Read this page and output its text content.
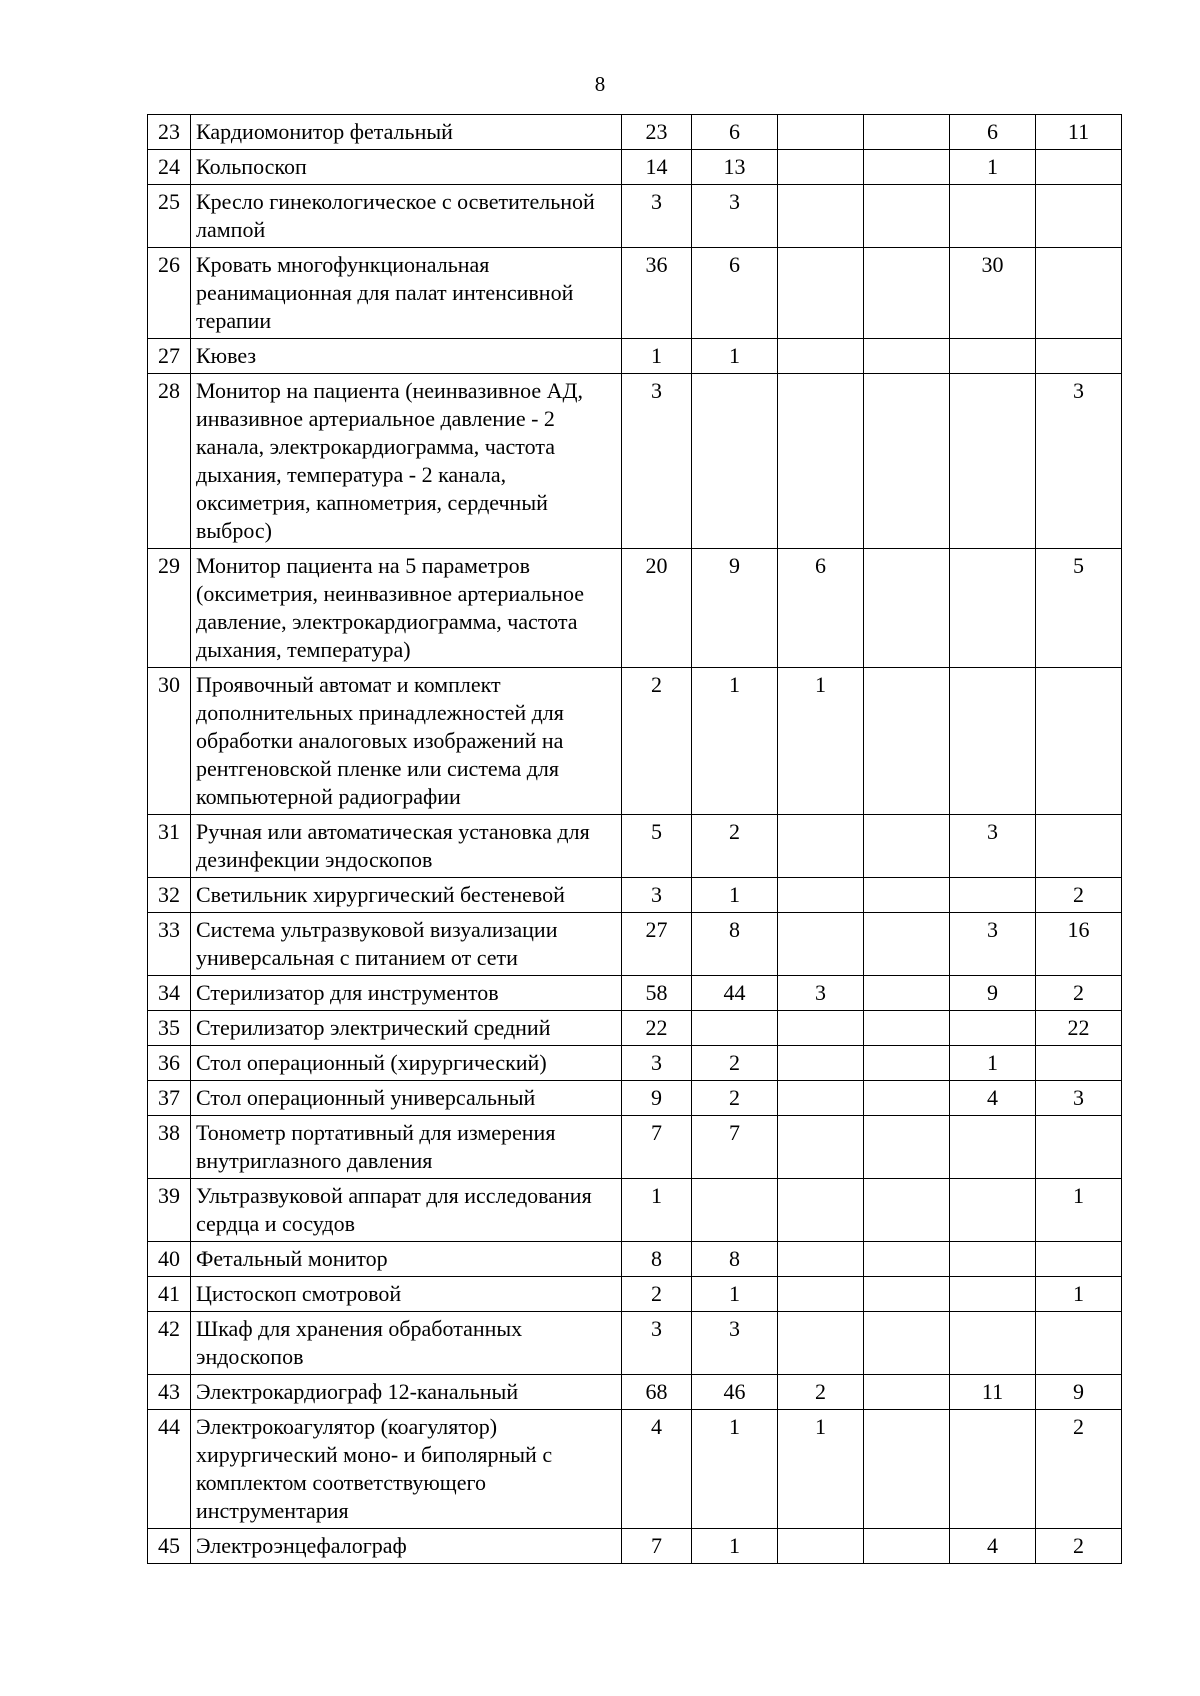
8
23	Кардиомонитор фетальный	23	6			6	11
24	Кольпоскоп	14	13			1	
25	Кресло гинекологическое с осветительной лампой	3	3				
26	Кровать многофункциональная реанимационная для палат интенсивной терапии	36	6			30	
27	Кювез	1	1				
28	Монитор на пациента (неинвазивное АД, инвазивное артериальное давление - 2 канала, электрокардиограмма, частота дыхания, температура - 2 канала, оксиметрия, капнометрия, сердечный выброс)	3					3
29	Монитор пациента на 5 параметров (оксиметрия, неинвазивное артериальное давление, электрокардиограмма, частота дыхания, температура)	20	9	6			5
30	Проявочный автомат и комплект дополнительных принадлежностей для обработки аналоговых изображений на рентгеновской пленке или система для компьютерной радиографии	2	1	1			
31	Ручная или автоматическая установка для дезинфекции эндоскопов	5	2			3	
32	Светильник хирургический бестеневой	3	1				2
33	Система ультразвуковой визуализации универсальная с питанием от сети	27	8			3	16
34	Стерилизатор для инструментов	58	44	3		9	2
35	Стерилизатор электрический средний	22					22
36	Стол операционный (хирургический)	3	2			1	
37	Стол операционный универсальный	9	2			4	3
38	Тонометр портативный для измерения внутриглазного давления	7	7				
39	Ультразвуковой аппарат для исследования сердца и сосудов	1					1
40	Фетальный монитор	8	8				
41	Цистоскоп смотровой	2	1				1
42	Шкаф для хранения обработанных эндоскопов	3	3				
43	Электрокардиограф 12-канальный	68	46	2		11	9
44	Электрокоагулятор (коагулятор) хирургический моно- и биполярный с комплектом соответствующего инструментария	4	1	1			2
45	Электроэнцефалограф	7	1			4	2
